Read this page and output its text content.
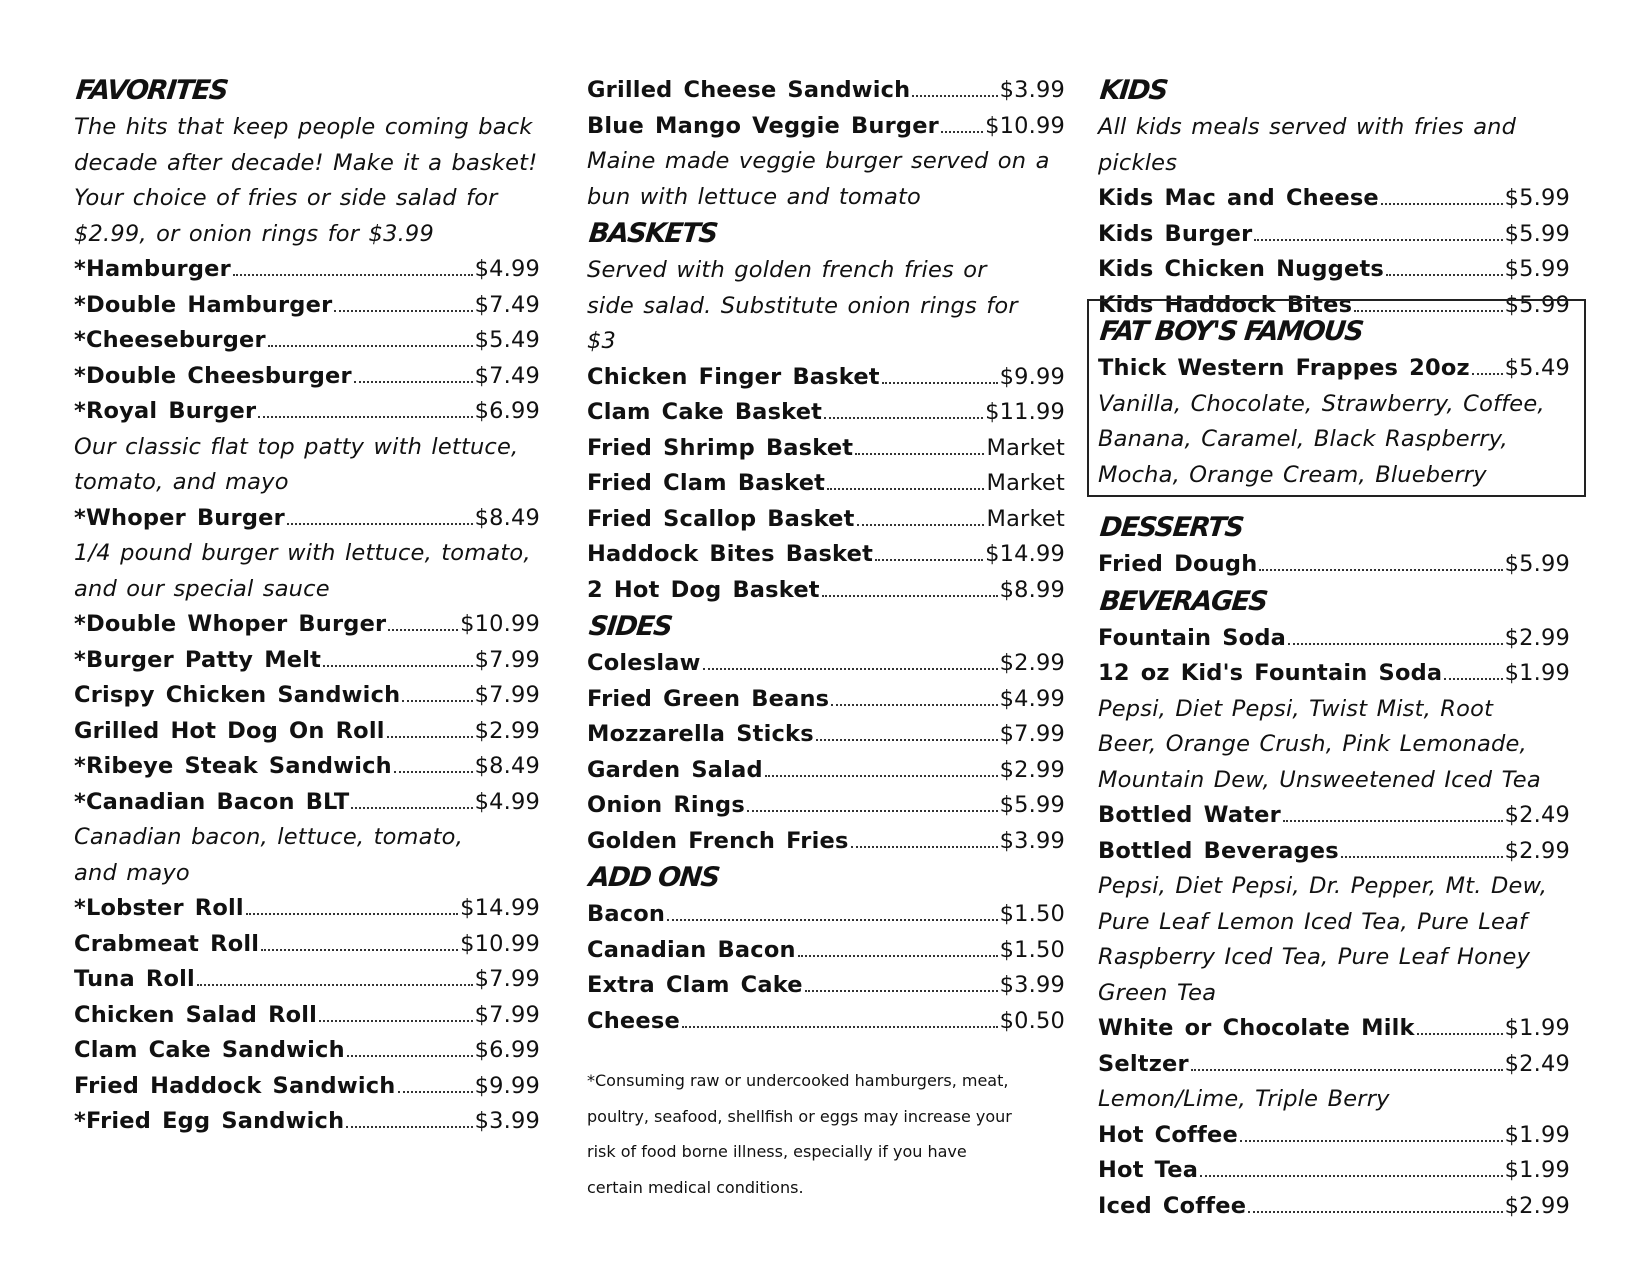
FAVORITES

The hits that keep people coming back decade after decade! Make it a basket! Your choice of fries or side salad for $2.99, or onion rings for $3.99

*Hamburger	$4.99
*Double Hamburger	$7.49
*Cheeseburger	$5.49
*Double Cheesburger	$7.49
*Royal Burger	$6.99

Our classic flat top patty with lettuce, tomato, and mayo

*Whoper Burger	$8.49

1/4 pound burger with lettuce, tomato, and our special sauce

*Double Whoper Burger	$10.99
*Burger Patty Melt	$7.99
Crispy Chicken Sandwich	$7.99
Grilled Hot Dog On Roll	$2.99
*Ribeye Steak Sandwich	$8.49
*Canadian Bacon BLT	$4.99

Canadian bacon, lettuce, tomato, and mayo

*Lobster Roll	$14.99
Crabmeat Roll	$10.99
Tuna Roll	$7.99
Chicken Salad Roll	$7.99
Clam Cake Sandwich	$6.99
Fried Haddock Sandwich	$9.99
*Fried Egg Sandwich	$3.99
Grilled Cheese Sandwich	$3.99
Blue Mango Veggie Burger $10.99

Maine made veggie burger served on a bun with lettuce and tomato

BASKETS

Served with golden french fries or side salad. Substitute onion rings for $3

Chicken Finger Basket	$9.99
Clam Cake Basket	$11.99
Fried Shrimp Basket	Market
Fried Clam Basket	Market
Fried Scallop Basket	Market
Haddock Bites Basket	$14.99
2 Hot Dog Basket	$8.99
SIDES
Coleslaw	$2.99
Fried Green Beans	$4.99
Mozzarella Sticks	$7.99
Garden Salad	$2.99
Onion Rings	$5.99
Golden French Fries	$3.99
ADD ONS
Bacon	$1.50
Canadian Bacon	$1.50
Extra Clam Cake	$3.99
Cheese	$0.50

*Consuming raw or undercooked hamburgers, meat,

poultry, seafood, shellfish or eggs may increase your

risk of food borne illness, especially if you have

certain medical conditions.

KIDS

All kids meals served with fries and pickles

Kids Mac and Cheese	$5.99
Kids Burger	$5.99
Kids Chicken Nuggets	$5.99
Kids Haddock Bites	$5.99
FAT BOY'S FAMOUS
Thick Western Frappes 20oz $5.49

Vanilla, Chocolate, Strawberry, Coffee, Banana, Caramel, Black Raspberry, Mocha, Orange Cream, Blueberry

DESSERTS
Fried Dough	$5.99
BEVERAGES
Fountain Soda	$2.99
12 oz Kid's Fountain Soda	$1.99

Pepsi, Diet Pepsi, Twist Mist, Root Beer, Orange Crush, Pink Lemonade, Mountain Dew, Unsweetened Iced Tea

Bottled Water	$2.49
Bottled Beverages	$2.99

Pepsi, Diet Pepsi, Dr. Pepper, Mt. Dew, Pure Leaf Lemon Iced Tea, Pure Leaf Raspberry Iced Tea, Pure Leaf Honey Green Tea

White or Chocolate Milk	$1.99
Seltzer	$2.49

Lemon/Lime, Triple Berry

Hot Coffee	$1.99
Hot Tea	$1.99
Iced Coffee	$2.99
